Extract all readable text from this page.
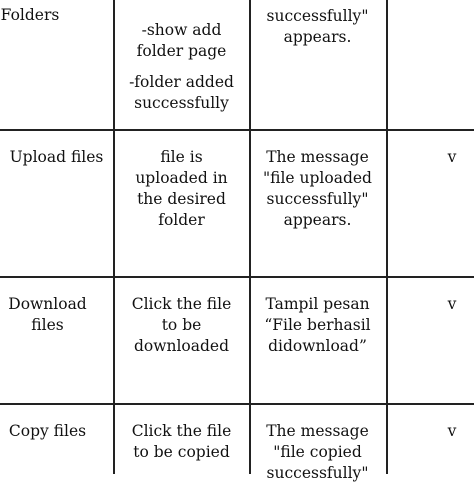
Folders

-show add folder page

-folder added successfully

successfully" appears.

Upload files	file is uploaded in the desired folder

The message "file uploaded successfully" appears.

v

Download files

Click the file to be downloaded

Tampil pesan “File berhasil didownload”

v

Copy files	Click the file to be copied

The message "file copied successfully"

v
